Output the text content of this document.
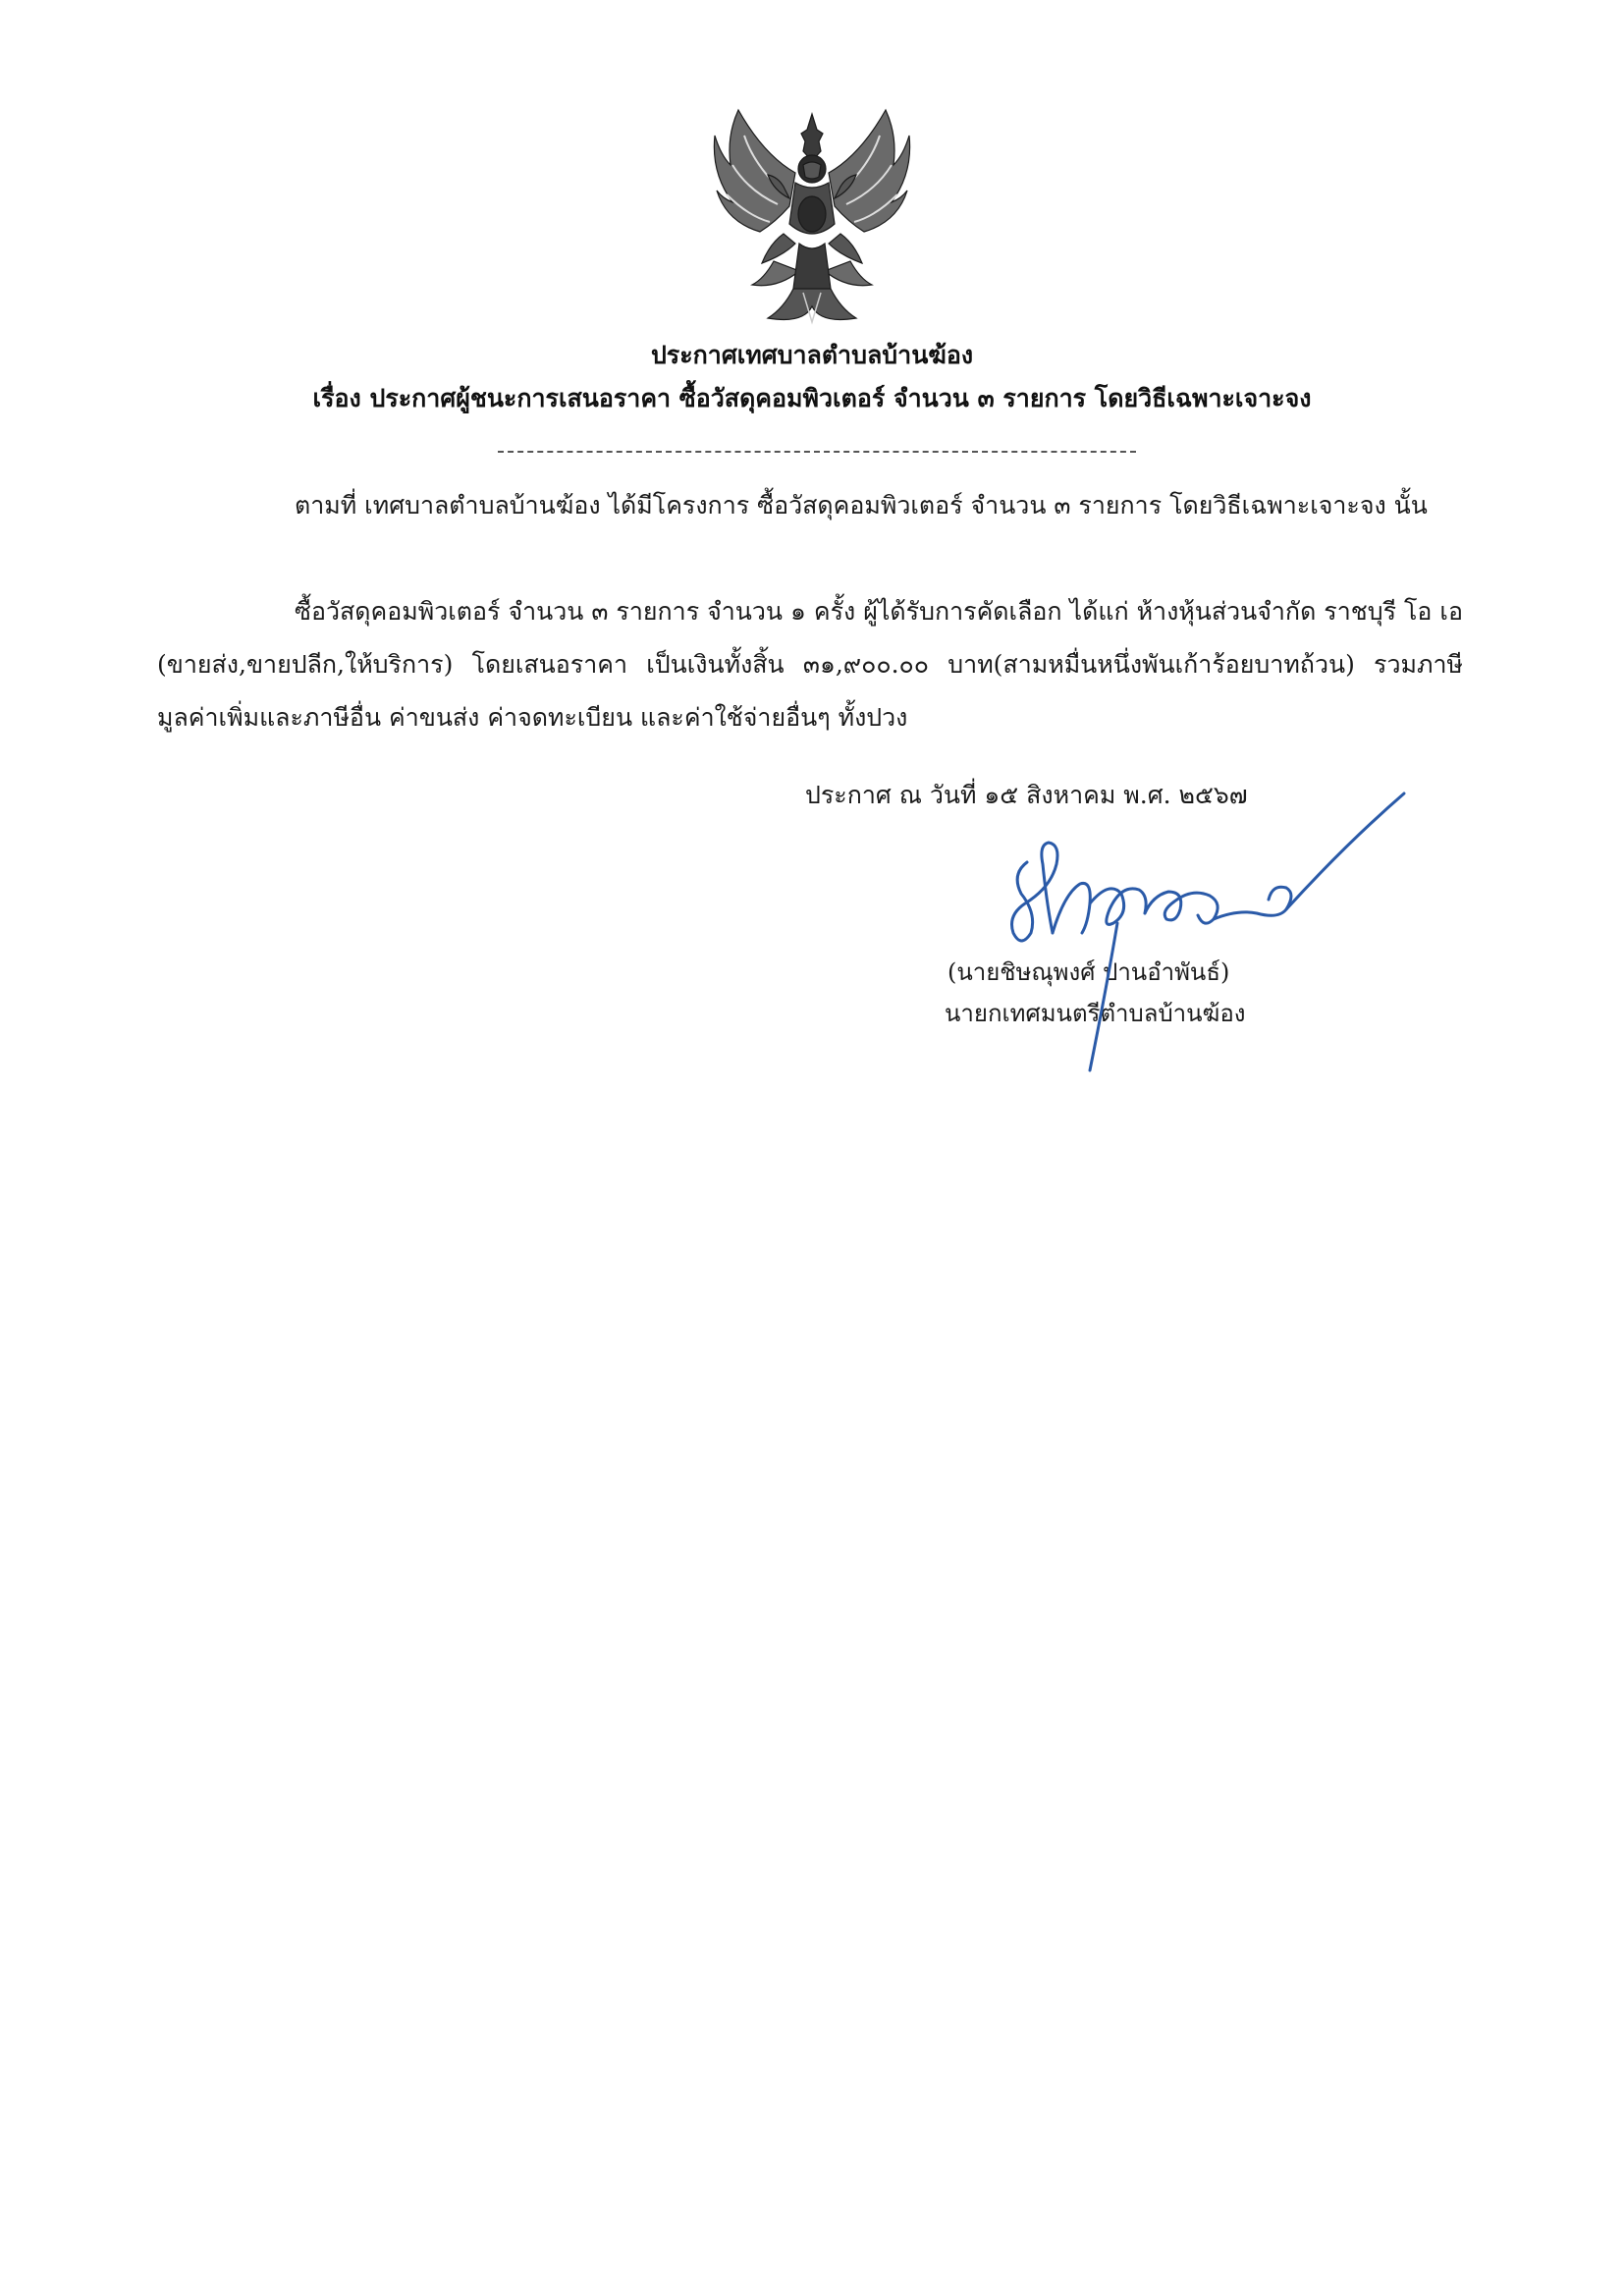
ประกาศเทศบาลตำบลบ้านฆ้อง
เรื่อง ประกาศผู้ชนะการเสนอราคา ซื้อวัสดุคอมพิวเตอร์ จำนวน ๓ รายการ โดยวิธีเฉพาะเจาะจง

ตามที่ เทศบาลตำบลบ้านฆ้อง ได้มีโครงการ ซื้อวัสดุคอมพิวเตอร์ จำนวน ๓ รายการ โดยวิธีเฉพาะเจาะจง นั้น

ซื้อวัสดุคอมพิวเตอร์ จำนวน ๓ รายการ จำนวน ๑ ครั้ง ผู้ได้รับการคัดเลือก ได้แก่ ห้างหุ้นส่วนจำกัด ราชบุรี โอ เอ (ขายส่ง,ขายปลีก,ให้บริการ) โดยเสนอราคา เป็นเงินทั้งสิ้น ๓๑,๙๐๐.๐๐ บาท(สามหมื่นหนึ่งพันเก้าร้อยบาทถ้วน) รวมภาษีมูลค่าเพิ่มและภาษีอื่น ค่าขนส่ง ค่าจดทะเบียน และค่าใช้จ่ายอื่นๆ ทั้งปวง

ประกาศ ณ วันที่ ๑๕ สิงหาคม พ.ศ. ๒๕๖๗
(นายชิษณุพงศ์ ปานอำพันธ์)
นายกเทศมนตรีตำบลบ้านฆ้อง
